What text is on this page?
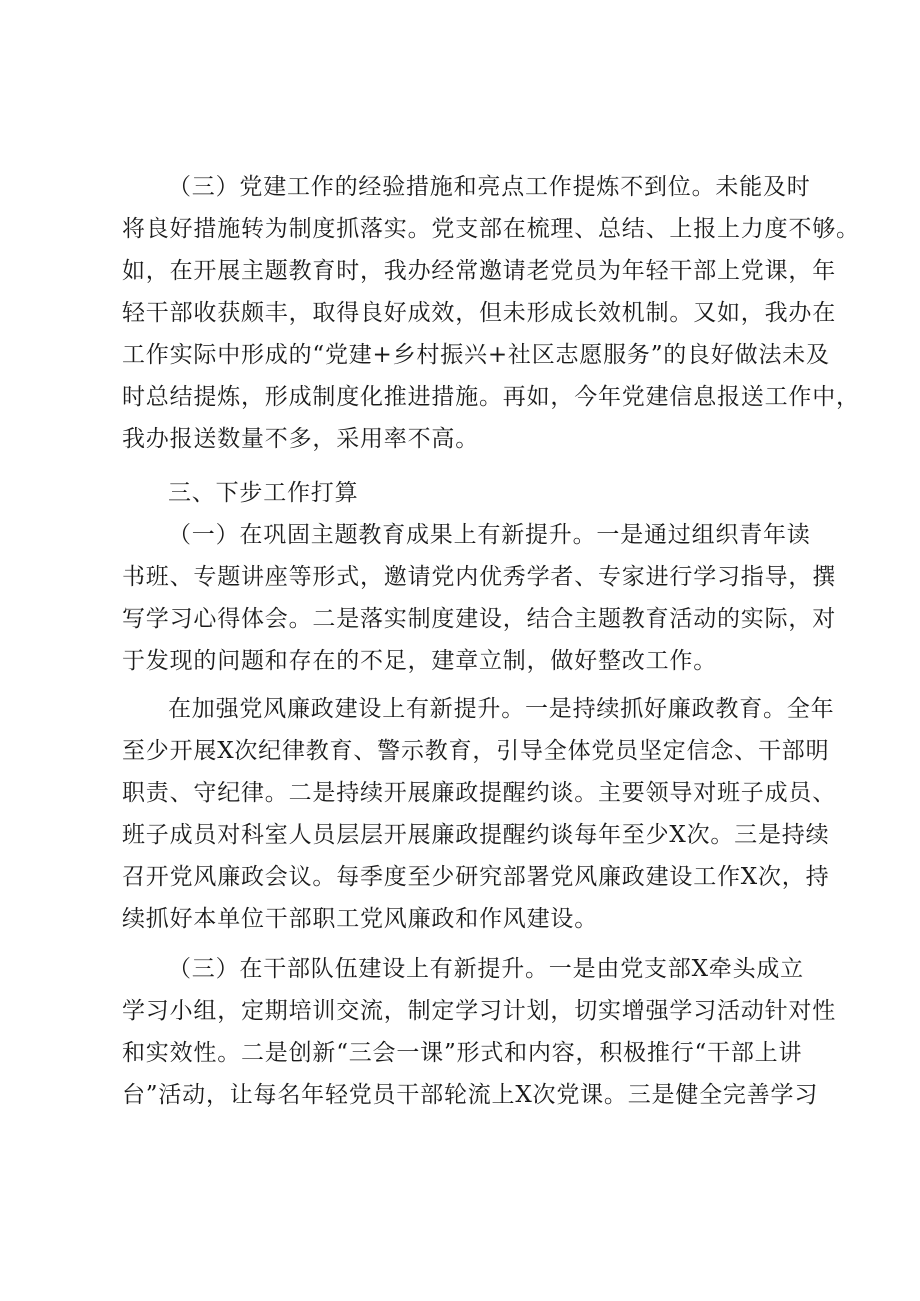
（三）党建工作的经验措施和亮点工作提炼不到位。未能及时
将良好措施转为制度抓落实。党支部在梳理、总结、上报上力度不够。
如，在开展主题教育时，我办经常邀请老党员为年轻干部上党课，年
轻干部收获颇丰，取得良好成效，但未形成长效机制。又如，我办在
工作实际中形成的“党建+乡村振兴+社区志愿服务”的良好做法未及
时总结提炼，形成制度化推进措施。再如，今年党建信息报送工作中，
我办报送数量不多，采用率不高。
三、下步工作打算
（一）在巩固主题教育成果上有新提升。一是通过组织青年读
书班、专题讲座等形式，邀请党内优秀学者、专家进行学习指导，撰
写学习心得体会。二是落实制度建设，结合主题教育活动的实际，对
于发现的问题和存在的不足，建章立制，做好整改工作。
在加强党风廉政建设上有新提升。一是持续抓好廉政教育。全年
至少开展X次纪律教育、警示教育，引导全体党员坚定信念、干部明
职责、守纪律。二是持续开展廉政提醒约谈。主要领导对班子成员、
班子成员对科室人员层层开展廉政提醒约谈每年至少X次。三是持续
召开党风廉政会议。每季度至少研究部署党风廉政建设工作X次，持
续抓好本单位干部职工党风廉政和作风建设。
（三）在干部队伍建设上有新提升。一是由党支部X牵头成立
学习小组，定期培训交流，制定学习计划，切实增强学习活动针对性
和实效性。二是创新“三会一课”形式和内容，积极推行“干部上讲
台”活动，让每名年轻党员干部轮流上X次党课。三是健全完善学习
